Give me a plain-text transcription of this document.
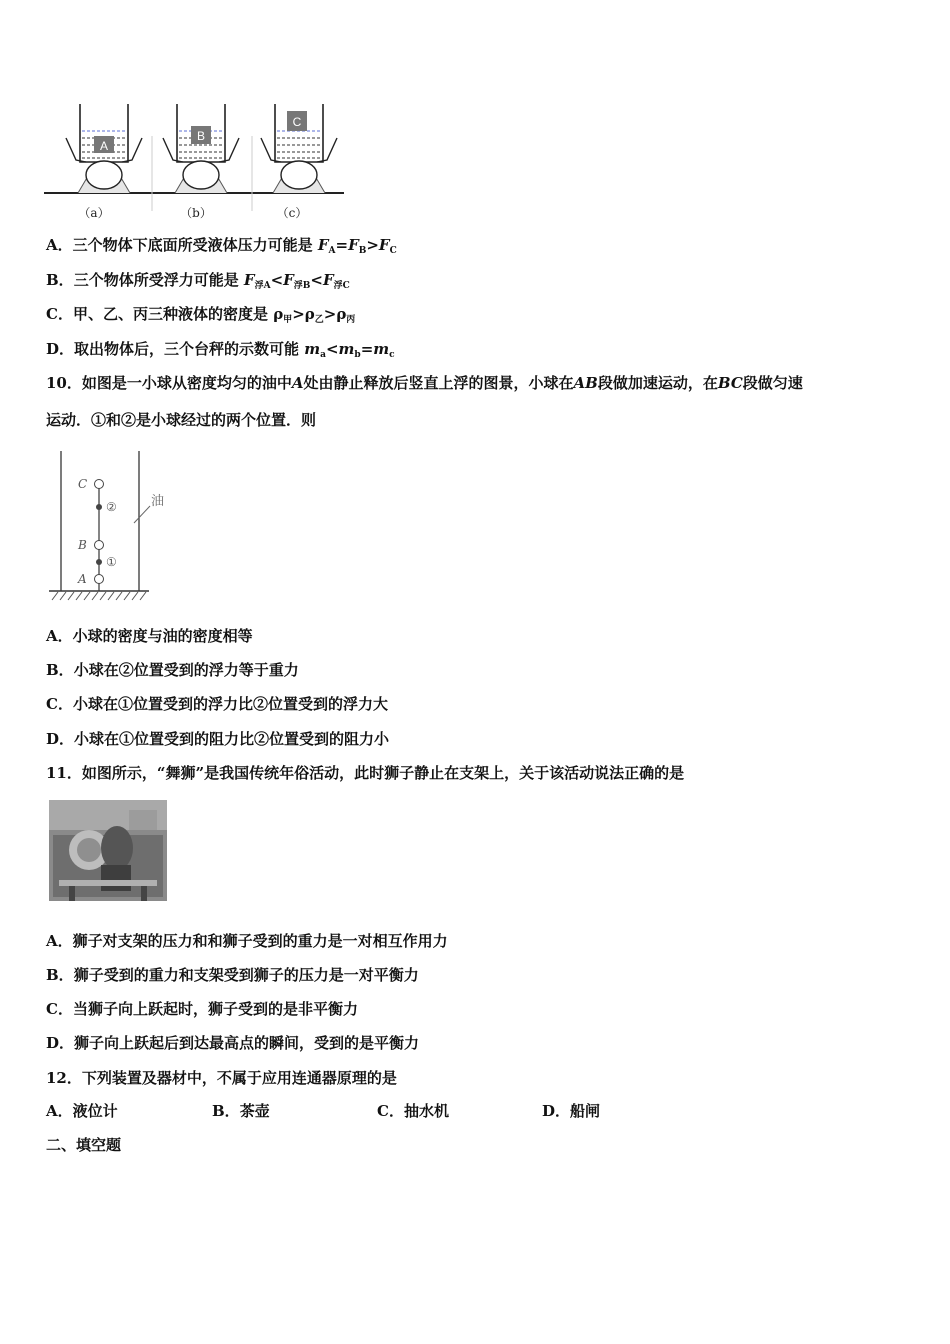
A
B
C
（a）	（b）	（c）
A．三个物体下底面所受液体压力可能是 $F_A=F_B>F_C$
B．三个物体所受浮力可能是 $F_{浮A}<F_{浮B}<F_{浮C}$
C．甲、乙、丙三种液体的密度是 $\rho_甲>\rho_乙>\rho_丙$
D．取出物体后，三个台秤的示数可能 $m_a<m_b=m_c$
10．如图是一小球从密度均匀的油中A处由静止释放后竖直上浮的图景，小球在AB段做加速运动，在BC段做匀速
运动．①和②是小球经过的两个位置．则
C
②
B
①
A
油
A．小球的密度与油的密度相等
B．小球在②位置受到的浮力等于重力
C．小球在①位置受到的浮力比②位置受到的浮力大
D．小球在①位置受到的阻力比②位置受到的阻力小
11．如图所示，“舞狮”是我国传统年俗活动，此时狮子静止在支架上，关于该活动说法正确的是
A．狮子对支架的压力和和狮子受到的重力是一对相互作用力
B．狮子受到的重力和支架受到狮子的压力是一对平衡力
C．当狮子向上跃起时，狮子受到的是非平衡力
D．狮子向上跃起后到达最高点的瞬间，受到的是平衡力
12．下列装置及器材中，不属于应用连通器原理的是
A．液位计	B．茶壶	C．抽水机	D．船闸
二、填空题
